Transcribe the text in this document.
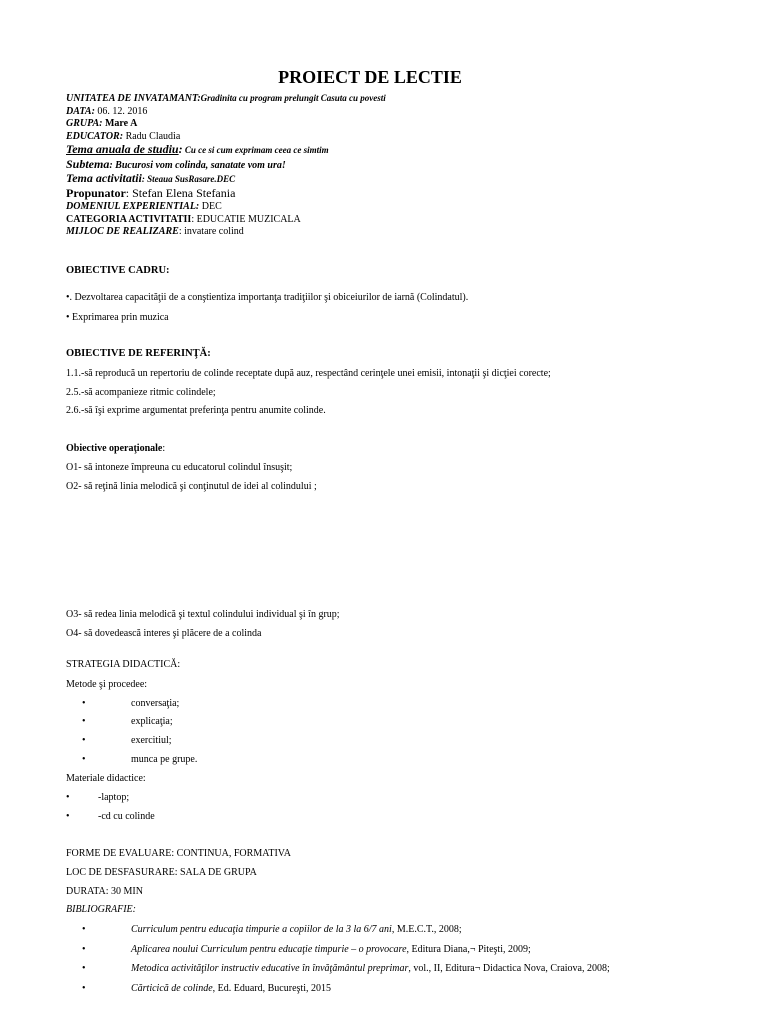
PROIECT DE LECTIE
UNITATEA DE INVATAMANT:Gradinita cu program prelungit Casuta cu povesti
DATA: 06. 12. 2016
GRUPA: Mare A
EDUCATOR: Radu Claudia
Tema anuala de studiu: Cu ce si cum exprimam ceea ce simtim
Subtema: Bucurosi vom colinda, sanatate vom ura!
Tema activitatii: Steaua SusRasare.DEC
Propunator: Stefan Elena Stefania
DOMENIUL EXPERIENTIAL: DEC
CATEGORIA ACTIVITATII: EDUCATIE MUZICALA
MIJLOC DE REALIZARE: invatare colind
OBIECTIVE CADRU:
•. Dezvoltarea capacităţii de a conştientiza importanţa tradiţiilor şi obiceiurilor de iarnă (Colindatul).
• Exprimarea prin muzica
OBIECTIVE DE REFERINŢĂ:
1.1.-să reproducă un repertoriu de colinde receptate după auz, respectând cerinţele unei emisii, intonaţii şi dicţiei corecte;
2.5.-să acompanieze ritmic colindele;
2.6.-să îşi exprime argumentat preferinţa pentru anumite colinde.
Obiective operaţionale:
O1- să intoneze împreuna cu educatorul colindul însuşit;
O2- să reţină linia melodică şi conţinutul de idei al colindului ;
O3- să redea linia melodică şi textul colindului individual şi în grup;
O4- să dovedească interes şi plăcere de a colinda
STRATEGIA DIDACTICĂ:
Metode şi procedee:
•	conversaţia;
•	explicaţia;
•	exercitiul;
•	munca pe grupe.
Materiale didactice:
•	-laptop;
•	-cd cu colinde
FORME DE EVALUARE: CONTINUA, FORMATIVA
LOC DE DESFASURARE: SALA DE GRUPA
DURATA: 30 MIN
BIBLIOGRAFIE:
•	Curriculum pentru educaţia timpurie a copiilor de la 3 la 6/7 ani, M.E.C.T., 2008;
•	Aplicarea noului Curriculum pentru educaţie timpurie – o provocare, Editura Diana,¬ Piteşti, 2009;
•	Metodica activităţilor instructiv educative în învăţământul preprimar, vol., II, Editura¬ Didactica Nova, Craiova, 2008;
•	Cărticică de colinde, Ed. Eduard, Bucureşti, 2015
